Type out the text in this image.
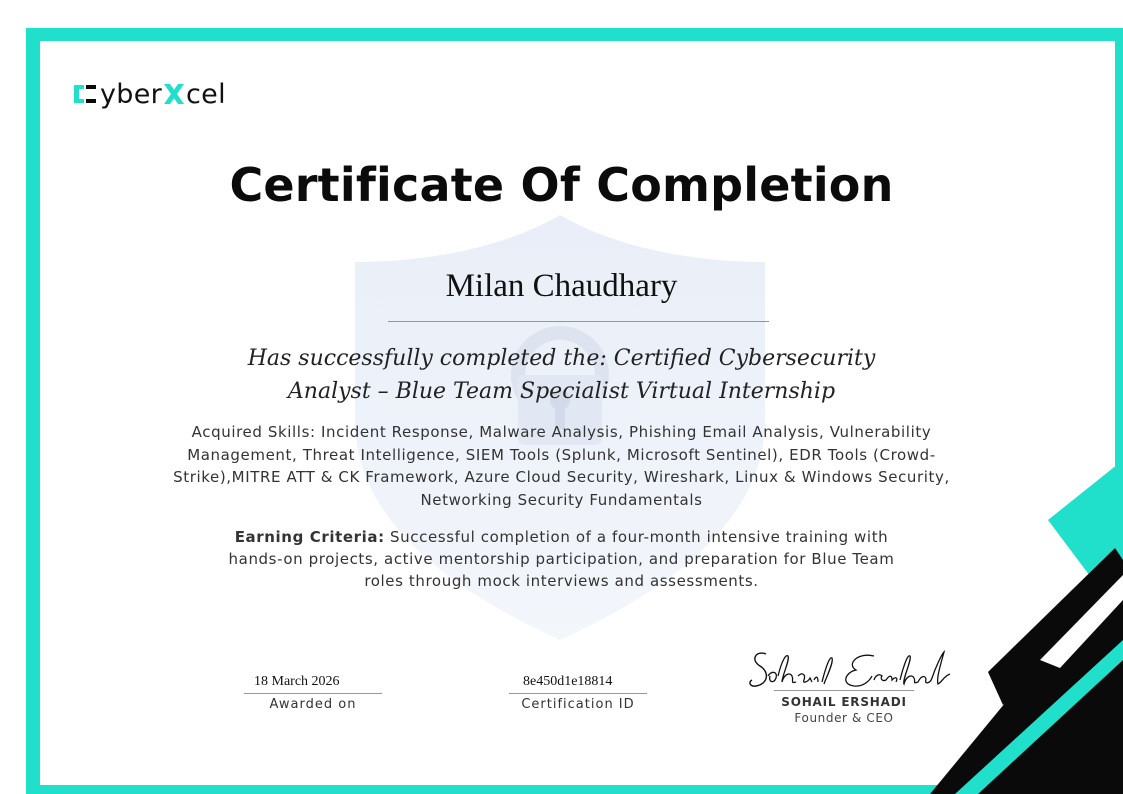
yber cel
Certificate Of Completion
Milan Chaudhary
Has successfully completed the: Certified Cybersecurity
Analyst – Blue Team Specialist Virtual Internship
Acquired Skills: Incident Response, Malware Analysis, Phishing Email Analysis, Vulnerability
Management, Threat Intelligence, SIEM Tools (Splunk, Microsoft Sentinel), EDR Tools (Crowd-
Strike),MITRE ATT & CK Framework, Azure Cloud Security, Wireshark, Linux & Windows Security,
Networking Security Fundamentals
Earning Criteria: Successful completion of a four-month intensive training with
hands-on projects, active mentorship participation, and preparation for Blue Team
roles through mock interviews and assessments.
18 March 2026
Awarded on
8e450d1e18814
Certification ID	SOHAIL ERSHADI
Founder & CEO
